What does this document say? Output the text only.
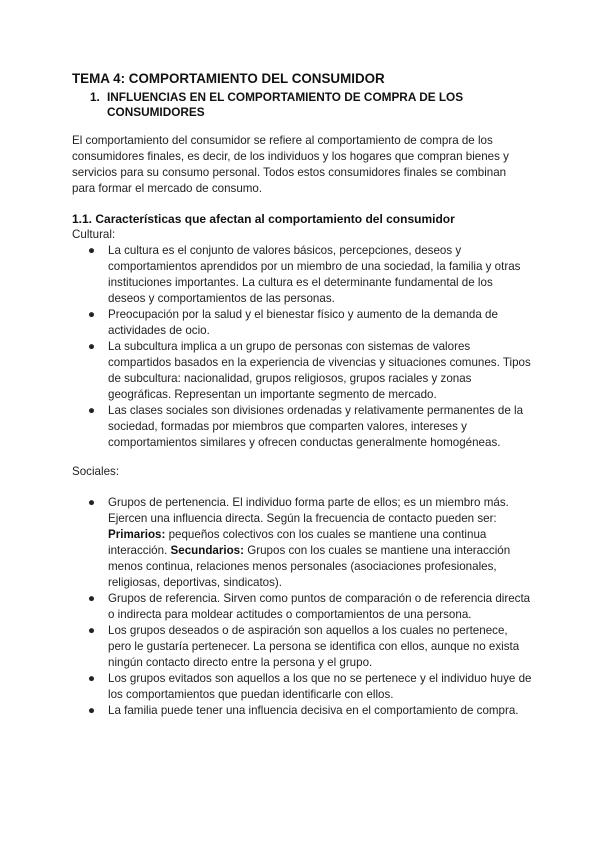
TEMA 4: COMPORTAMIENTO DEL CONSUMIDOR
1. INFLUENCIAS EN EL COMPORTAMIENTO DE COMPRA DE LOS CONSUMIDORES

El comportamiento del consumidor se refiere al comportamiento de compra de los consumidores finales, es decir, de los individuos y los hogares que compran bienes y servicios para su consumo personal. Todos estos consumidores finales se combinan para formar el mercado de consumo.

1.1. Características que afectan al comportamiento del consumidor

Cultural:

● La cultura es el conjunto de valores básicos, percepciones, deseos y comportamientos aprendidos por un miembro de una sociedad, la familia y otras instituciones importantes. La cultura es el determinante fundamental de los deseos y comportamientos de las personas.
● Preocupación por la salud y el bienestar físico y aumento de la demanda de actividades de ocio.
● La subcultura implica a un grupo de personas con sistemas de valores compartidos basados en la experiencia de vivencias y situaciones comunes. Tipos de subcultura: nacionalidad, grupos religiosos, grupos raciales y zonas geográficas. Representan un importante segmento de mercado.
● Las clases sociales son divisiones ordenadas y relativamente permanentes de la sociedad, formadas por miembros que comparten valores, intereses y comportamientos similares y ofrecen conductas generalmente homogéneas.

Sociales:

● Grupos de pertenencia. El individuo forma parte de ellos; es un miembro más. Ejercen una influencia directa. Según la frecuencia de contacto pueden ser: Primarios: pequeños colectivos con los cuales se mantiene una continua interacción. Secundarios: Grupos con los cuales se mantiene una interacción menos continua, relaciones menos personales (asociaciones profesionales, religiosas, deportivas, sindicatos).
● Grupos de referencia. Sirven como puntos de comparación o de referencia directa o indirecta para moldear actitudes o comportamientos de una persona.
● Los grupos deseados o de aspiración son aquellos a los cuales no pertenece, pero le gustaría pertenecer. La persona se identifica con ellos, aunque no exista ningún contacto directo entre la persona y el grupo.
● Los grupos evitados son aquellos a los que no se pertenece y el individuo huye de los comportamientos que puedan identificarle con ellos.
● La familia puede tener una influencia decisiva en el comportamiento de compra.
